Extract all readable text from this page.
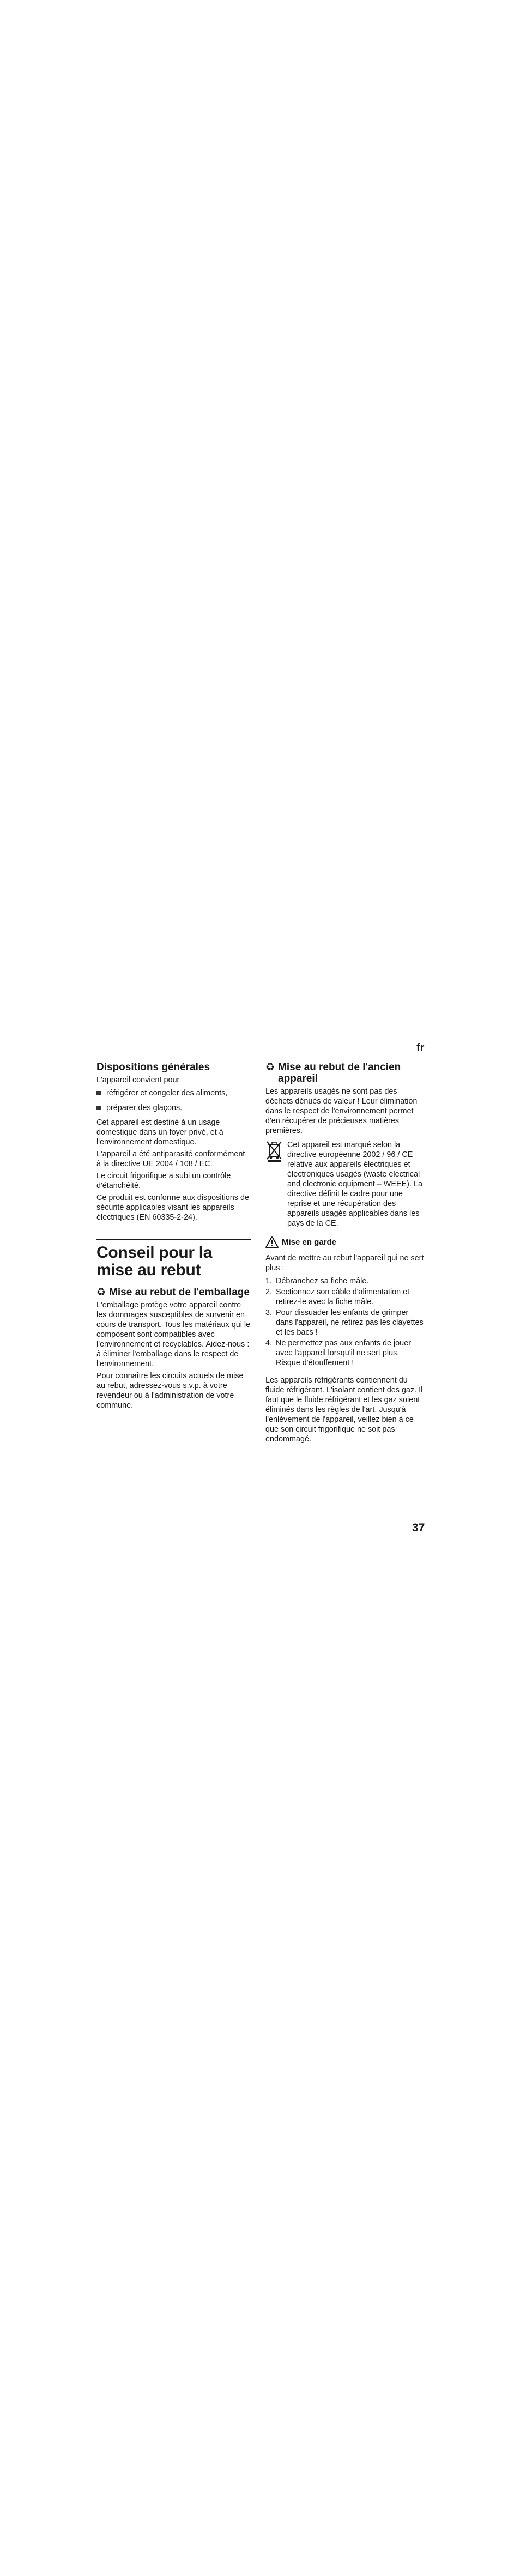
fr
Dispositions générales
L'appareil convient pour
réfrigérer et congeler des aliments,
préparer des glaçons.
Cet appareil est destiné à un usage domestique dans un foyer privé, et à l'environnement domestique.
L'appareil a été antiparasité conformément à la directive UE 2004 / 108 / EC.
Le circuit frigorifique a subi un contrôle d'étanchéité.
Ce produit est conforme aux dispositions de sécurité applicables visant les appareils électriques (EN 60335-2-24).
Conseil pour la mise au rebut
♻ Mise au rebut de l'emballage
L'emballage protège votre appareil contre les dommages susceptibles de survenir en cours de transport. Tous les matériaux qui le composent sont compatibles avec l'environnement et recyclables. Aidez-nous : à éliminer l'emballage dans le respect de l'environnement.
Pour connaître les circuits actuels de mise au rebut, adressez-vous s.v.p. à votre revendeur ou à l'administration de votre commune.
♻ Mise au rebut de l'ancien appareil
Les appareils usagés ne sont pas des déchets dénués de valeur ! Leur élimination dans le respect de l'environnement permet d'en récupérer de précieuses matières premières.
Cet appareil est marqué selon la directive européenne 2002 / 96 / CE relative aux appareils électriques et électroniques usagés (waste electrical and electronic equipment – WEEE). La directive définit le cadre pour une reprise et une récupération des appareils usagés applicables dans les pays de la CE.
Mise en garde
Avant de mettre au rebut l'appareil qui ne sert plus :
1. Débranchez sa fiche mâle.
2. Sectionnez son câble d'alimentation et retirez-le avec la fiche mâle.
3. Pour dissuader les enfants de grimper dans l'appareil, ne retirez pas les clayettes et les bacs !
4. Ne permettez pas aux enfants de jouer avec l'appareil lorsqu'il ne sert plus. Risque d'étouffement !
Les appareils réfrigérants contiennent du fluide réfrigérant. L'isolant contient des gaz. Il faut que le fluide réfrigérant et les gaz soient éliminés dans les règles de l'art. Jusqu'à l'enlèvement de l'appareil, veillez bien à ce que son circuit frigorifique ne soit pas endommagé.
37
